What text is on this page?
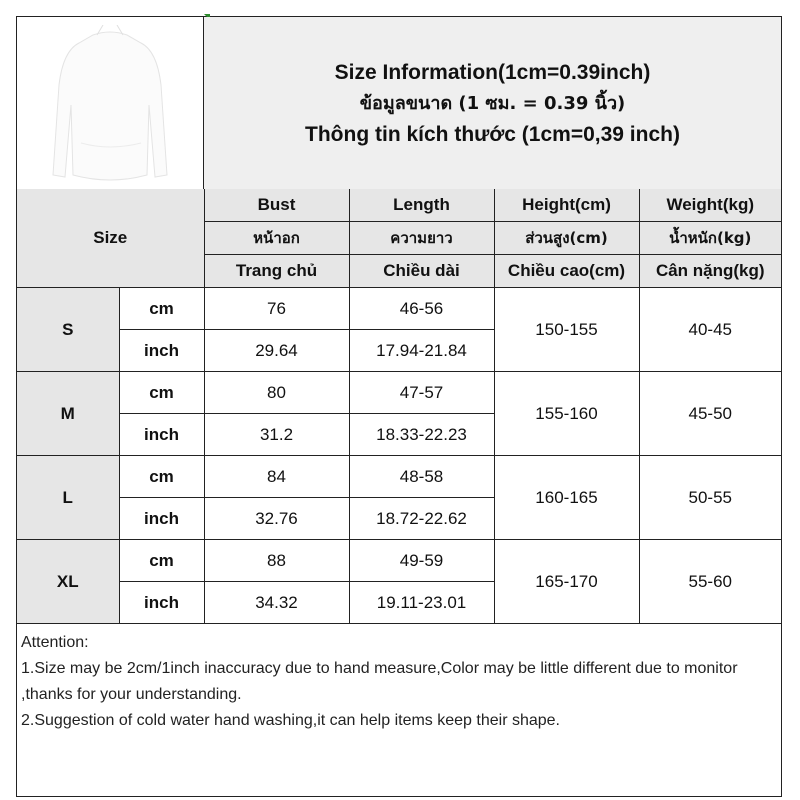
Size Information(1cm=0.39inch)
ข้อมูลขนาด (1 ซม. = 0.39 นิ้ว)
Thông tin kích thước (1cm=0,39 inch)
Size		Bust	Length	Height(cm)	Weight(kg)
		หน้าอก	ความยาว	ส่วนสูง(cm)	น้ำหนัก(kg)
		Trang chủ	Chiều dài	Chiều cao(cm)	Cân nặng(kg)
S	cm	76	46-56	150-155	40-45
	inch	29.64	17.94-21.84		
M	cm	80	47-57	155-160	45-50
	inch	31.2	18.33-22.23		
L	cm	84	48-58	160-165	50-55
	inch	32.76	18.72-22.62		
XL	cm	88	49-59	165-170	55-60
	inch	34.32	19.11-23.01		

Attention:

1.Size may be 2cm/1inch inaccuracy due to hand measure,Color may be little different due to monitor ,thanks for your understanding.

2.Suggestion of cold water hand washing,it can help items keep their shape.
